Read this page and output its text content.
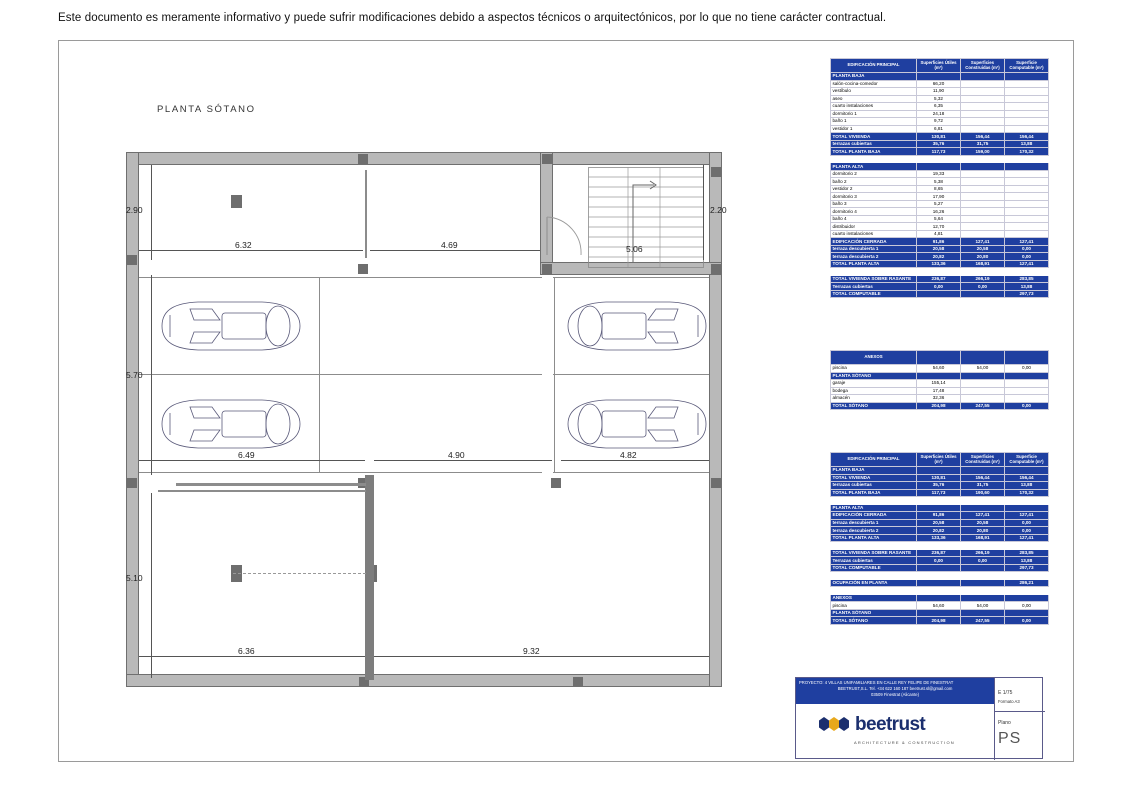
Este documento es meramente informativo y puede sufrir modificaciones debido a aspectos técnicos o arquitectónicos, por lo que no tiene carácter contractual.
PLANTA SÓTANO
2.90
5.70
5.10
2.20
6.32	4.69	5.06
6.49	4.90	4.82
6.36	9.32
EDIFICACIÓN PRINCIPAL	Superficies Útiles (m²)	Superficies Construidas (m²)	Superficie Computable (m²)
PLANTA BAJA			
salón-cocina-comedor	66,20		
vestíbulo	11,90		
aseo	5,32		
cuarto instalaciones	6,35		
dormitorio 1	24,18		
baño 1	9,72		
vestidor 1	6,81		
TOTAL VIVIENDA	130,81	156,44	156,44
terrazas cubiertas	35,76	31,75	13,88
TOTAL PLANTA BAJA	117,73	159,00	170,32

PLANTA ALTA			
dormitorio 2	19,33		
baño 2	5,38		
vestidor 2	8,65		
dormitorio 3	17,90		
baño 3	5,27		
dormitorio 4	16,26		
baño 4	5,64		
distribuidor	12,70		
cuarto instalaciones	4,81		
EDIFICACIÓN CERRADA	91,86	127,41	127,41
terraza descubierta 1	20,58	20,58	0,00
terraza descubierta 2	20,82	20,80	0,00
TOTAL PLANTA ALTA	133,36	168,91	127,41

TOTAL VIVIENDA SOBRE RASANTE	236,87	266,19	283,85
Terrazas cubiertas	0,00	0,00	13,88
TOTAL COMPUTABLE			297,73
ANEXOS			
piscina	54,60	54,00	0,00
PLANTA SÓTANO			
garaje	155,14		
bodega	17,48		
almacén	32,36		
TOTAL SÓTANO	204,98	247,55	0,00
EDIFICACIÓN PRINCIPAL	Superficies Útiles (m²)	Superficies Construidas (m²)	Superficie Computable (m²)
PLANTA BAJA			
TOTAL VIVIENDA	130,81	156,44	156,44
terrazas cubiertas	35,76	31,75	13,88
TOTAL PLANTA BAJA	117,73	190,60	170,32

PLANTA ALTA			
EDIFICACIÓN CERRADA	91,86	127,41	127,41
terraza descubierta 1	20,58	20,58	0,00
terraza descubierta 2	20,82	20,80	0,00
TOTAL PLANTA ALTA	133,36	168,91	127,41

TOTAL VIVIENDA SOBRE RASANTE	236,87	266,19	283,85
Terrazas cubiertas	0,00	0,00	13,88
TOTAL COMPUTABLE			297,73

OCUPACIÓN EN PLANTA			286,21

ANEXOS			
piscina	54,60	54,00	0,00
PLANTA SÓTANO			
TOTAL SÓTANO	204,98	247,55	0,00
PROYECTO: 4 VILLAS UNIFAMILIARES EN CALLE REY FELIPE DE FINESTRAT
BEETRUST,S.L. Tel. +34 622 160 187 beetrust.sl@gmail.com
03509 Finestrat (Alicante)	E 1/75
Formato A3
Plano
PS
beetrust
ARCHITECTURE & CONSTRUCTION
